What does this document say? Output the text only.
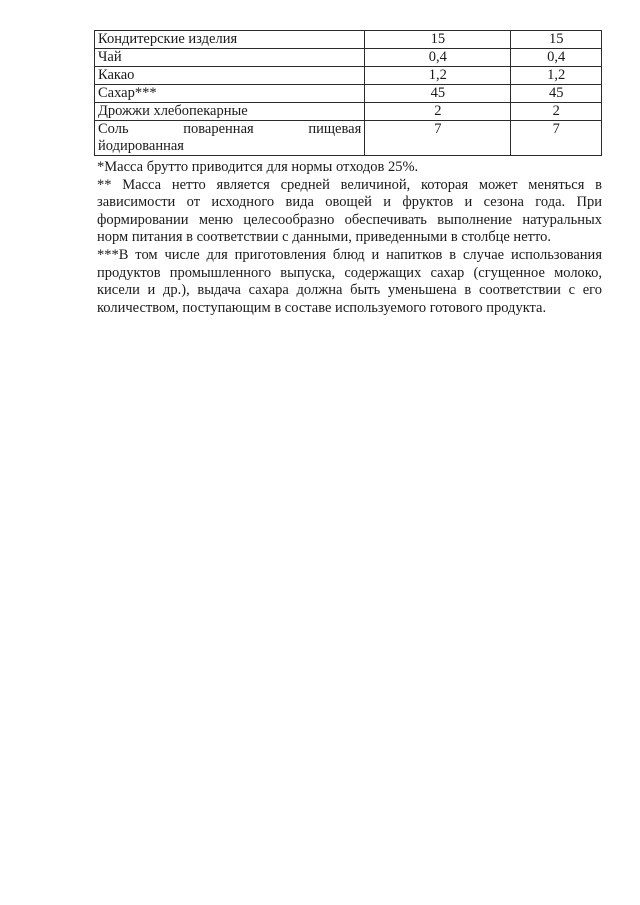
Кондитерские изделия	15	15
Чай	0,4	0,4
Какао	1,2	1,2
Сахар***	45	45
Дрожжи хлебопекарные	2	2

Соль поваренная пищевая
йодированная	7	7

*Масса брутто приводится для нормы отходов 25%.

** Масса нетто является средней величиной, которая может меняться в зависимости от исходного вида овощей и фруктов и сезона года. При формировании меню целесообразно обеспечивать выполнение натуральных норм питания в соответствии с данными, приведенными в столбце нетто.

***В том числе для приготовления блюд и напитков в случае использования продуктов промышленного выпуска, содержащих сахар (сгущенное молоко, кисели и др.), выдача сахара должна быть уменьшена в соответствии с его количеством, поступающим в составе используемого готового продукта.
